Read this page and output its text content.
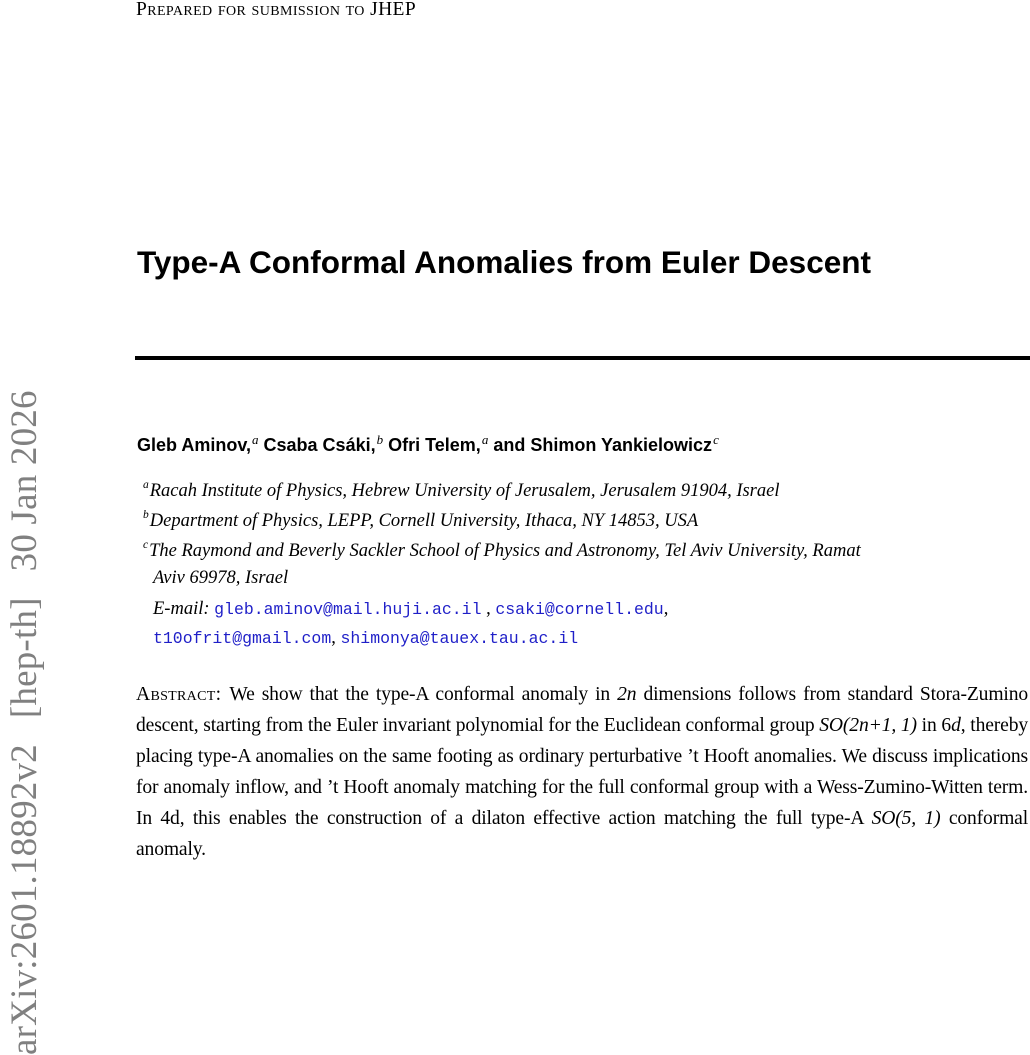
arXiv:2601.18892v2[hep-th]30 Jan 2026
Prepared for submission to JHEP
Type-A Conformal Anomalies from Euler Descent
Gleb Aminov,$^a$ Csaba Csáki,$^b$ Ofri Telem,$^a$ and Shimon Yankielowicz$^c$
$^a$Racah Institute of Physics, Hebrew University of Jerusalem, Jerusalem 91904, Israel
$^b$Department of Physics, LEPP, Cornell University, Ithaca, NY 14853, USA
$^c$The Raymond and Beverly Sackler School of Physics and Astronomy, Tel Aviv University, Ramat
Aviv 69978, Israel
E-mail: gleb.aminov@mail.huji.ac.il , csaki@cornell.edu,
t10ofrit@gmail.com, shimonya@tauex.tau.ac.il
Abstract: We show that the type-A conformal anomaly in 2n dimensions follows from standard Stora-Zumino descent, starting from the Euler invariant polynomial for the Euclidean conformal group SO(2n+1, 1) in 6d, thereby placing type-A anomalies on the same footing as ordinary perturbative ’t Hooft anomalies. We discuss implications for anomaly inflow, and ’t Hooft anomaly matching for the full conformal group with a Wess-Zumino-Witten term. In 4d, this enables the construction of a dilaton effective action matching the full type-A SO(5, 1) conformal anomaly.
